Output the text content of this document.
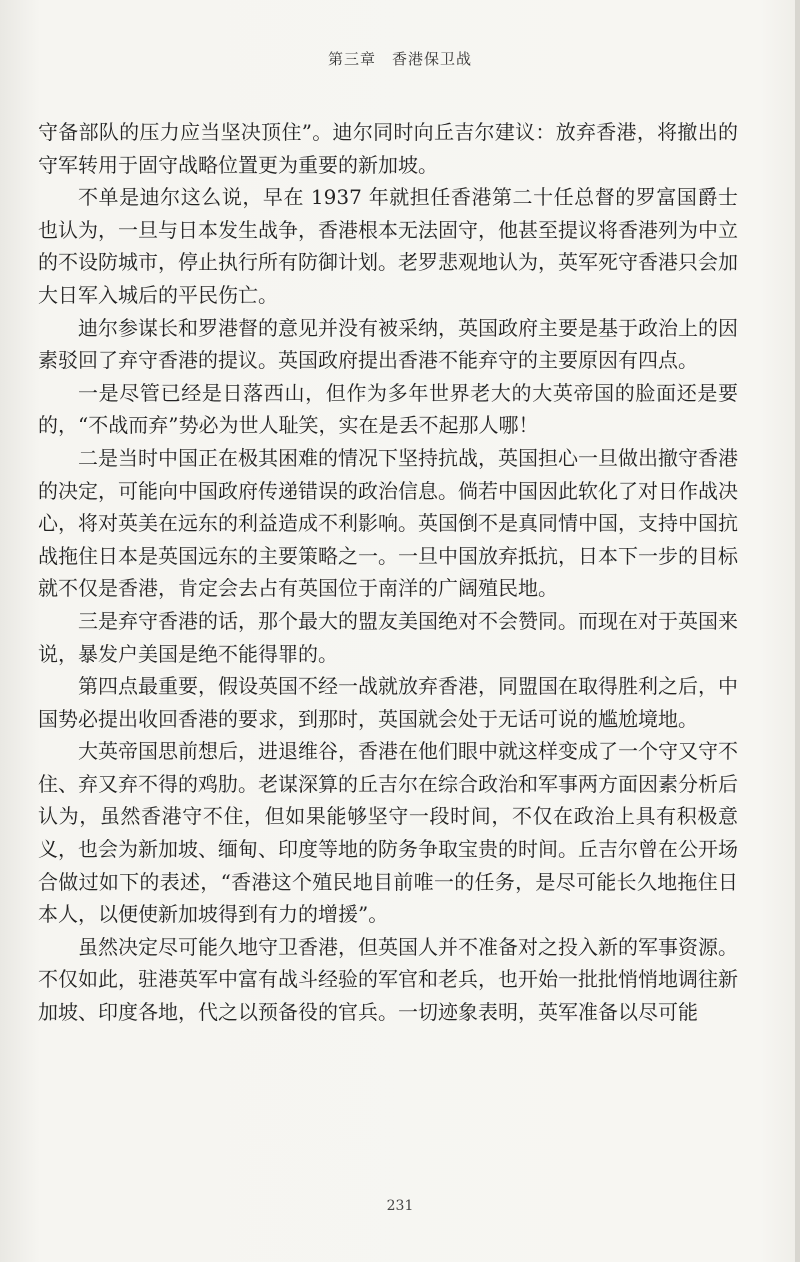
第三章　香港保卫战

守备部队的压力应当坚决顶住”。迪尔同时向丘吉尔建议：放弃香港，将撤出的守军转用于固守战略位置更为重要的新加坡。

不单是迪尔这么说，早在 1937 年就担任香港第二十任总督的罗富国爵士也认为，一旦与日本发生战争，香港根本无法固守，他甚至提议将香港列为中立的不设防城市，停止执行所有防御计划。老罗悲观地认为，英军死守香港只会加大日军入城后的平民伤亡。

迪尔参谋长和罗港督的意见并没有被采纳，英国政府主要是基于政治上的因素驳回了弃守香港的提议。英国政府提出香港不能弃守的主要原因有四点。

一是尽管已经是日落西山，但作为多年世界老大的大英帝国的脸面还是要的，“不战而弃”势必为世人耻笑，实在是丢不起那人哪！

二是当时中国正在极其困难的情况下坚持抗战，英国担心一旦做出撤守香港的决定，可能向中国政府传递错误的政治信息。倘若中国因此软化了对日作战决心，将对英美在远东的利益造成不利影响。英国倒不是真同情中国，支持中国抗战拖住日本是英国远东的主要策略之一。一旦中国放弃抵抗，日本下一步的目标就不仅是香港，肯定会去占有英国位于南洋的广阔殖民地。

三是弃守香港的话，那个最大的盟友美国绝对不会赞同。而现在对于英国来说，暴发户美国是绝不能得罪的。

第四点最重要，假设英国不经一战就放弃香港，同盟国在取得胜利之后，中国势必提出收回香港的要求，到那时，英国就会处于无话可说的尴尬境地。

大英帝国思前想后，进退维谷，香港在他们眼中就这样变成了一个守又守不住、弃又弃不得的鸡肋。老谋深算的丘吉尔在综合政治和军事两方面因素分析后认为，虽然香港守不住，但如果能够坚守一段时间，不仅在政治上具有积极意义，也会为新加坡、缅甸、印度等地的防务争取宝贵的时间。丘吉尔曾在公开场合做过如下的表述，“香港这个殖民地目前唯一的任务，是尽可能长久地拖住日本人，以便使新加坡得到有力的增援”。

虽然决定尽可能久地守卫香港，但英国人并不准备对之投入新的军事资源。不仅如此，驻港英军中富有战斗经验的军官和老兵，也开始一批批悄悄地调往新加坡、印度各地，代之以预备役的官兵。一切迹象表明，英军准备以尽可能

231
